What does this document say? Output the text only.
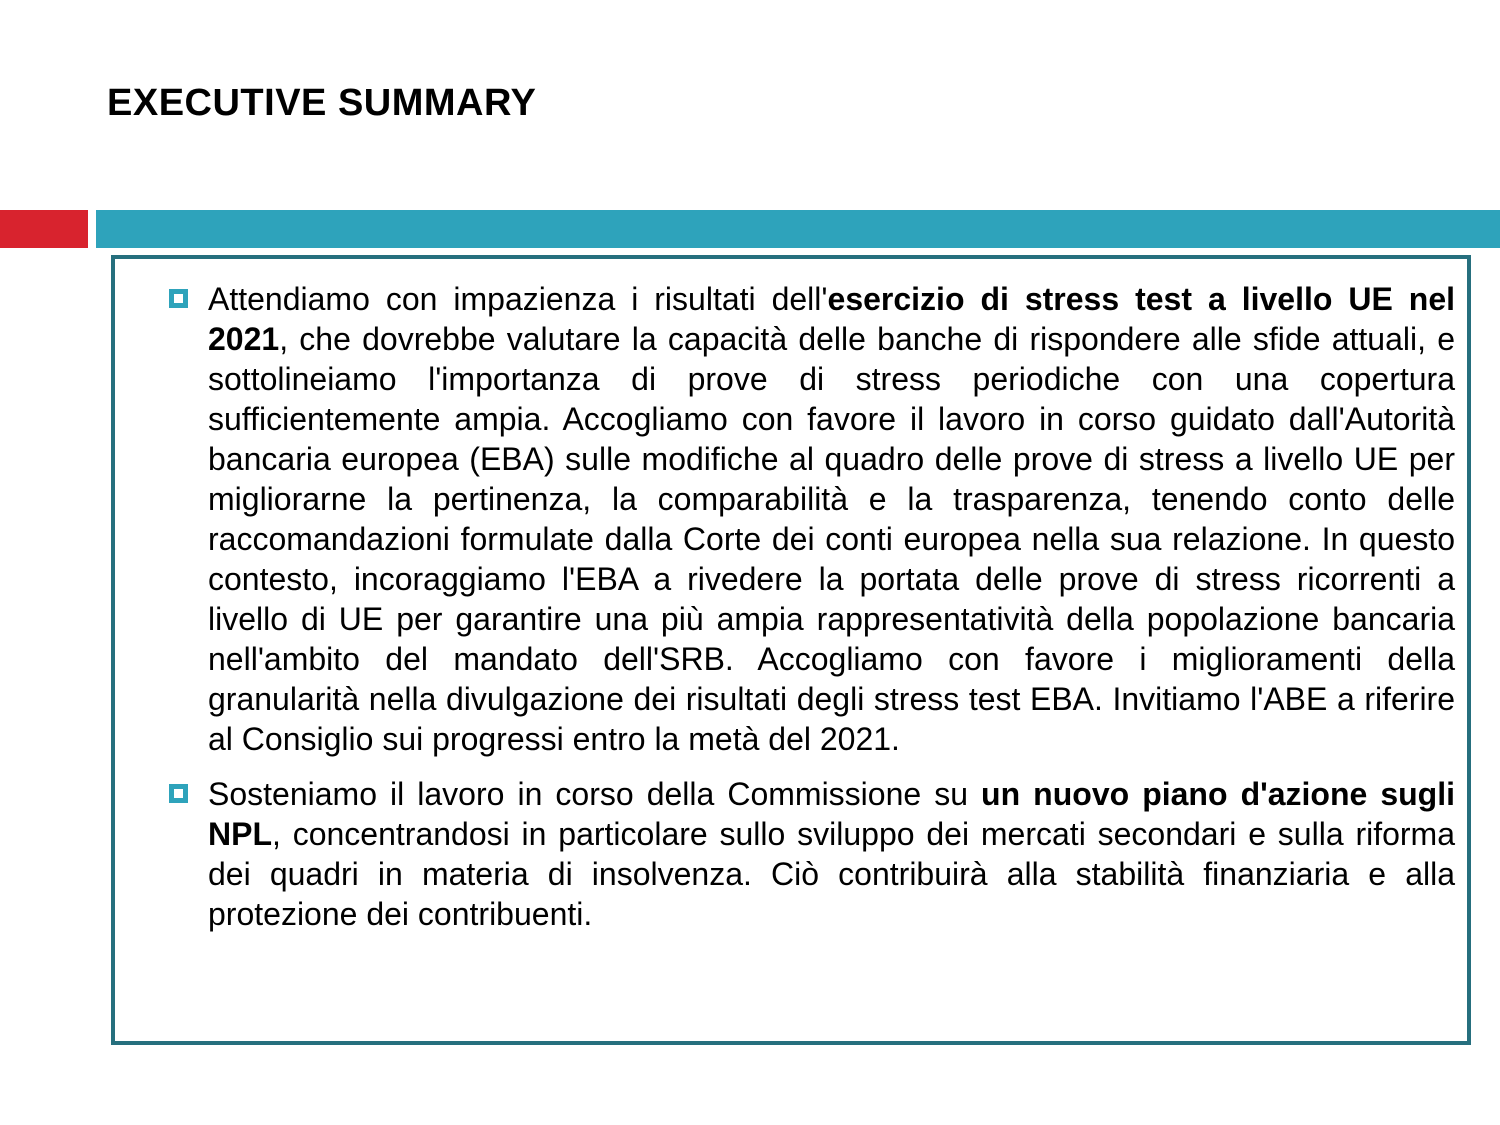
EXECUTIVE SUMMARY
Attendiamo con impazienza i risultati dell'esercizio di stress test a livello UE nel 2021, che dovrebbe valutare la capacità delle banche di rispondere alle sfide attuali, e sottolineiamo l'importanza di prove di stress periodiche con una copertura sufficientemente ampia. Accogliamo con favore il lavoro in corso guidato dall'Autorità bancaria europea (EBA) sulle modifiche al quadro delle prove di stress a livello UE per migliorarne la pertinenza, la comparabilità e la trasparenza, tenendo conto delle raccomandazioni formulate dalla Corte dei conti europea nella sua relazione. In questo contesto, incoraggiamo l'EBA a rivedere la portata delle prove di stress ricorrenti a livello di UE per garantire una più ampia rappresentatività della popolazione bancaria nell'ambito del mandato dell'SRB. Accogliamo con favore i miglioramenti della granularità nella divulgazione dei risultati degli stress test EBA. Invitiamo l'ABE a riferire al Consiglio sui progressi entro la metà del 2021.
Sosteniamo il lavoro in corso della Commissione su un nuovo piano d'azione sugli NPL, concentrandosi in particolare sullo sviluppo dei mercati secondari e sulla riforma dei quadri in materia di insolvenza. Ciò contribuirà alla stabilità finanziaria e alla protezione dei contribuenti.
